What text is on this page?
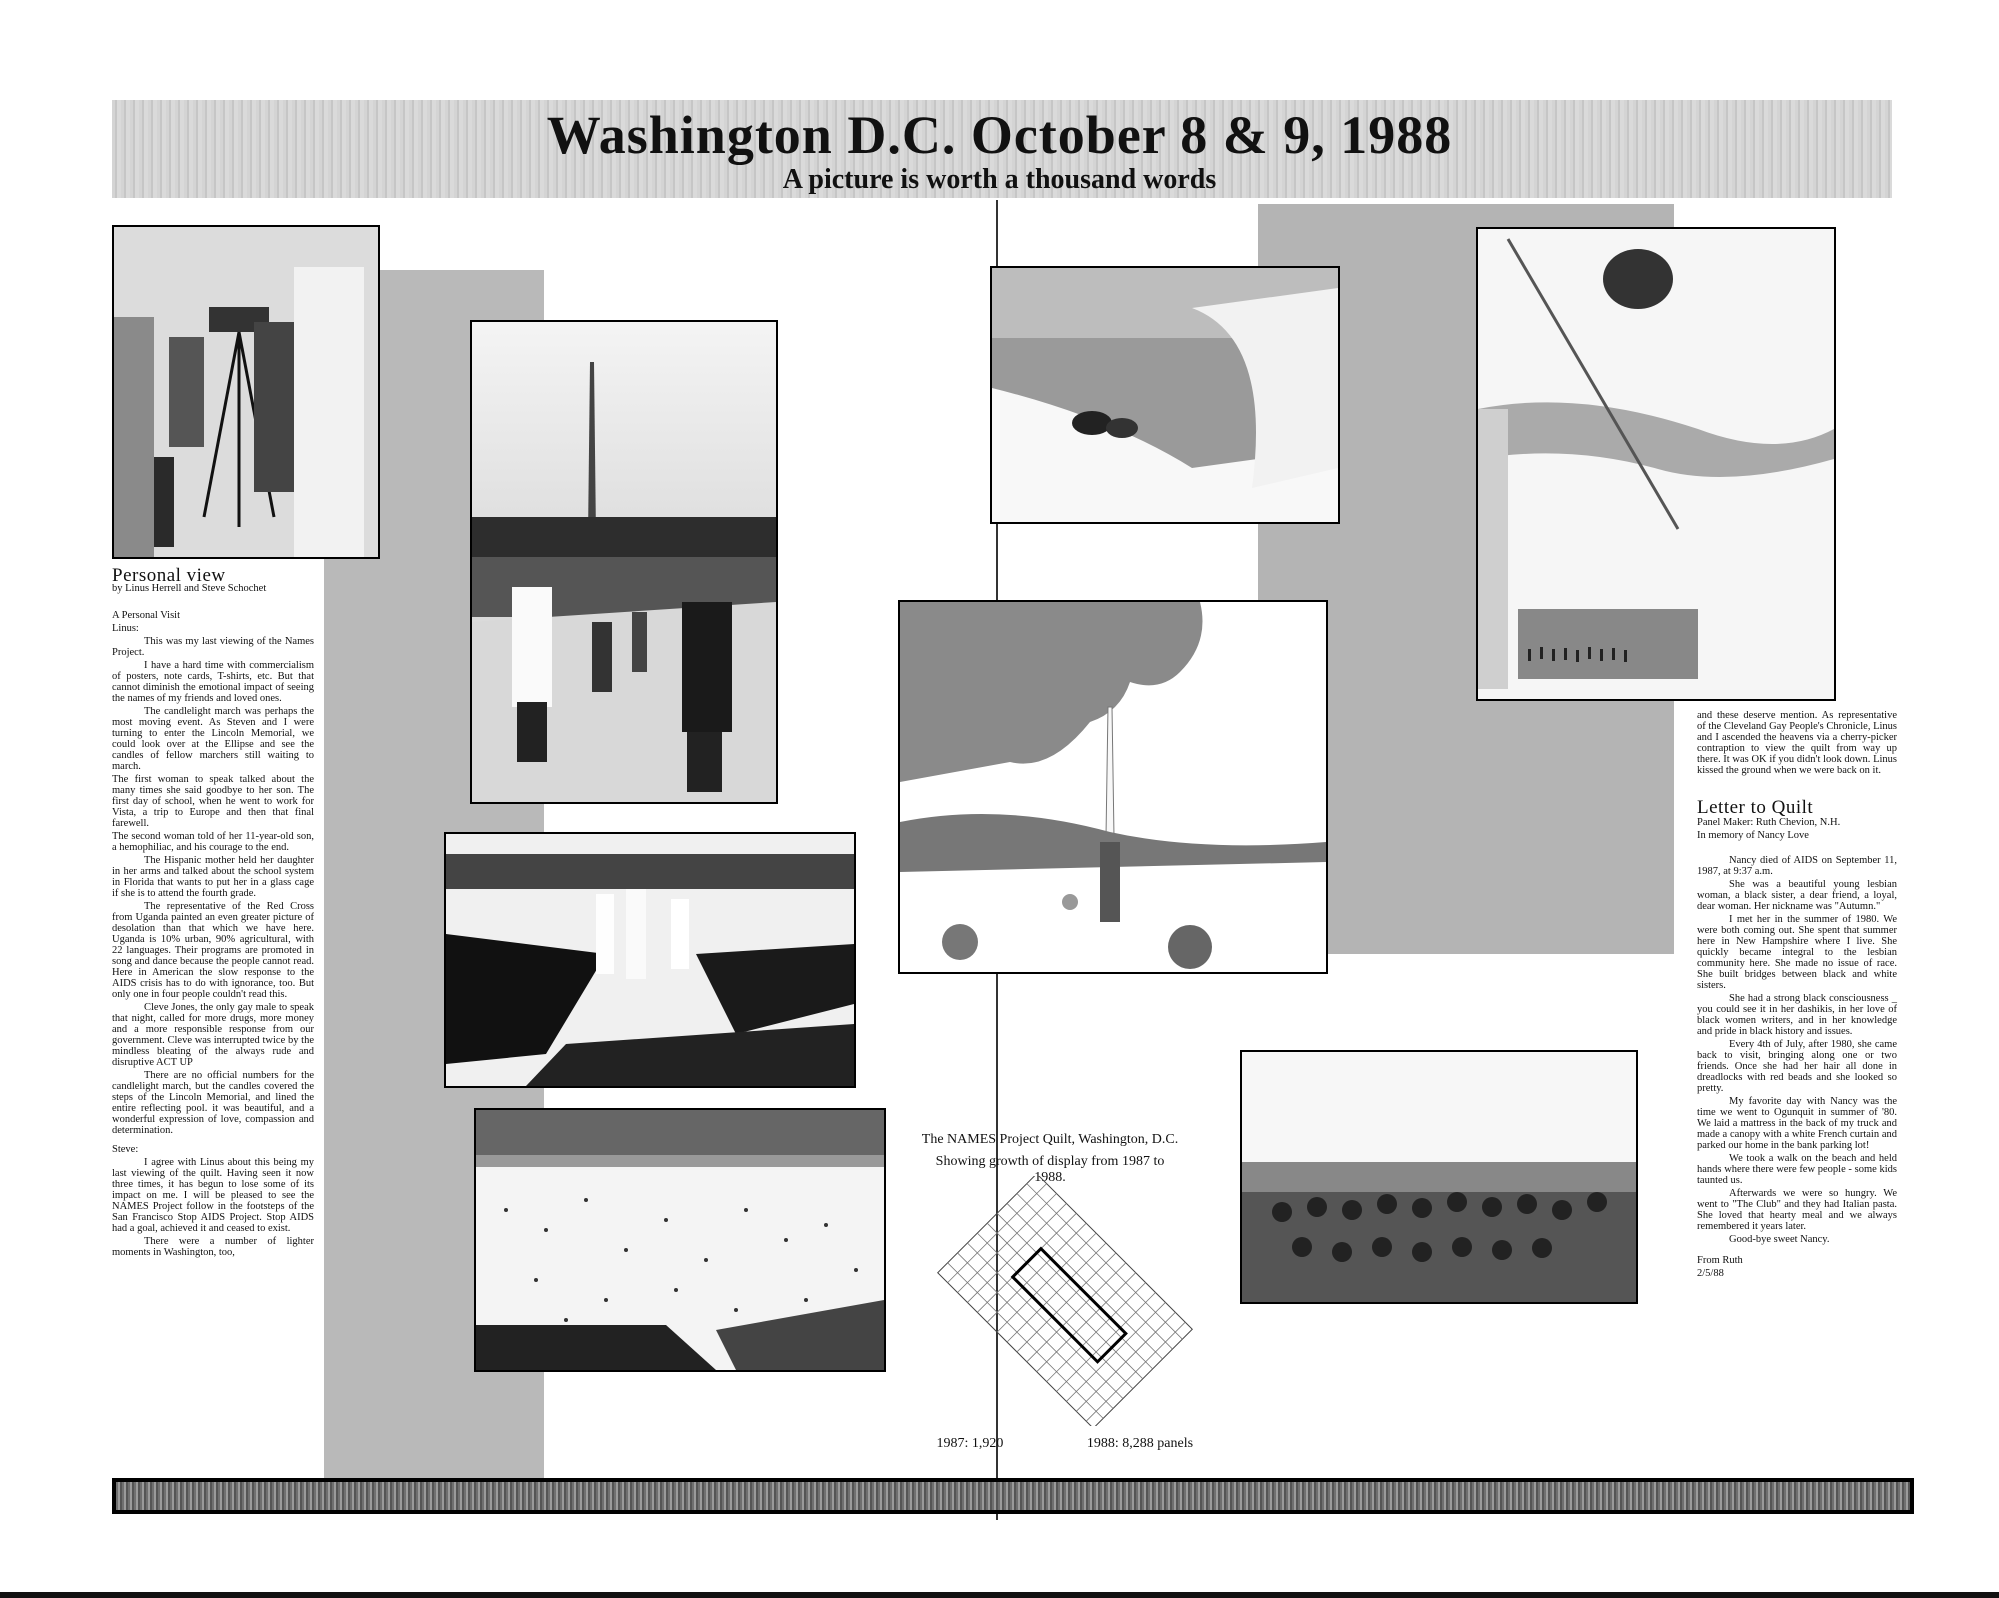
Washington D.C. October 8 & 9, 1988
A picture is worth a thousand words
Personal view
by Linus Herrell and Steve Schochet

A Personal Visit

Linus:

This was my last viewing of the Names Project.

I have a hard time with commercialism of posters, note cards, T-shirts, etc. But that cannot diminish the emotional impact of seeing the names of my friends and loved ones.

The candlelight march was perhaps the most moving event. As Steven and I were turning to enter the Lincoln Memorial, we could look over at the Ellipse and see the candles of fellow marchers still waiting to march.

The first woman to speak talked about the many times she said goodbye to her son. The first day of school, when he went to work for Vista, a trip to Europe and then that final farewell.

The second woman told of her 11-year-old son, a hemophiliac, and his courage to the end.

The Hispanic mother held her daughter in her arms and talked about the school system in Florida that wants to put her in a glass cage if she is to attend the fourth grade.

The representative of the Red Cross from Uganda painted an even greater picture of desolation than that which we have here. Uganda is 10% urban, 90% agricultural, with 22 languages. Their programs are promoted in song and dance because the people cannot read. Here in American the slow response to the AIDS crisis has to do with ignorance, too. But only one in four people couldn't read this.

Cleve Jones, the only gay male to speak that night, called for more drugs, more money and a more responsible response from our government. Cleve was interrupted twice by the mindless bleating of the always rude and disruptive ACT UP

There are no official numbers for the candlelight march, but the candles covered the steps of the Lincoln Memorial, and lined the entire reflecting pool. it was beautiful, and a wonderful expression of love, compassion and determination.

Steve:

I agree with Linus about this being my last viewing of the quilt. Having seen it now three times, it has begun to lose some of its impact on me. I will be pleased to see the NAMES Project follow in the footsteps of the San Francisco Stop AIDS Project. Stop AIDS had a goal, achieved it and ceased to exist.

There were a number of lighter moments in Washington, too,

and these deserve mention. As representative of the Cleveland Gay People's Chronicle, Linus and I ascended the heavens via a cherry-picker contraption to view the quilt from way up there. It was OK if you didn't look down. Linus kissed the ground when we were back on it.

Letter to Quilt

Panel Maker: Ruth Chevion, N.H.

In memory of Nancy Love

Nancy died of AIDS on September 11, 1987, at 9:37 a.m.

She was a beautiful young lesbian woman, a black sister, a dear friend, a loyal, dear woman. Her nickname was "Autumn."

I met her in the summer of 1980. We were both coming out. She spent that summer here in New Hampshire where I live. She quickly became integral to the lesbian community here. She made no issue of race. She built bridges between black and white sisters.

She had a strong black consciousness _ you could see it in her dashikis, in her love of black women writers, and in her knowledge and pride in black history and issues.

Every 4th of July, after 1980, she came back to visit, bringing along one or two friends. Once she had her hair all done in dreadlocks with red beads and she looked so pretty.

My favorite day with Nancy was the time we went to Ogunquit in summer of '80. We laid a mattress in the back of my truck and made a canopy with a white French curtain and parked our home in the bank parking lot!

We took a walk on the beach and held hands where there were few people - some kids taunted us.

Afterwards we were so hungry. We went to "The Club" and they had Italian pasta. She loved that hearty meal and we always remembered it years later.

Good-bye sweet Nancy.

From Ruth

2/5/88

The NAMES Project Quilt, Washington, D.C.
Showing growth of display from 1987 to 1988.
1987: 1,920	1988: 8,288 panels
